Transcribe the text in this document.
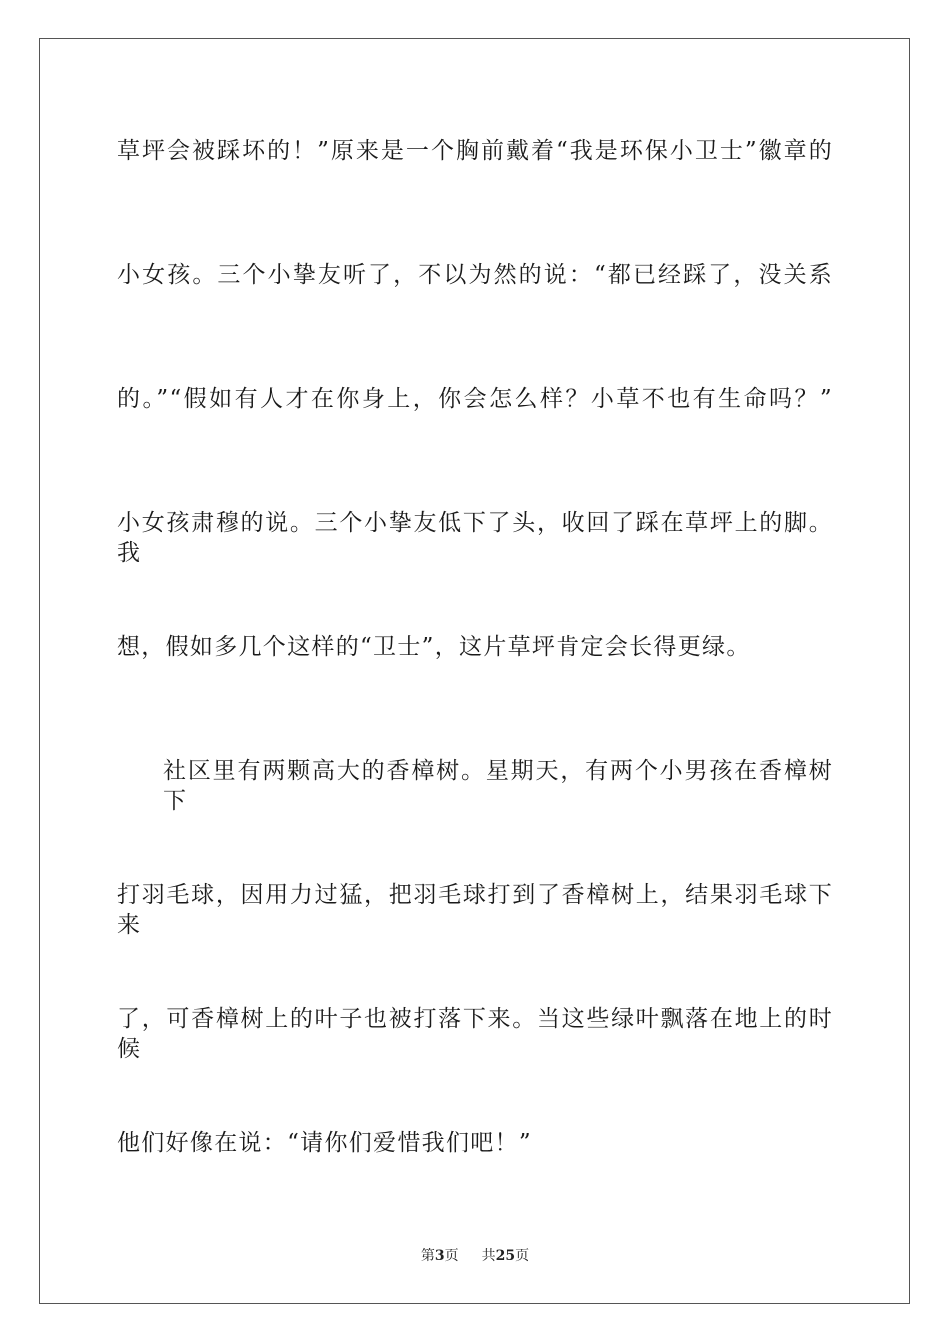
草坪会被踩坏的！”原来是一个胸前戴着“我是环保小卫士”徽章的
小女孩。三个小挚友听了，不以为然的说：“都已经踩了，没关系
的。”“假如有人才在你身上，你会怎么样？小草不也有生命吗？”
小女孩肃穆的说。三个小挚友低下了头，收回了踩在草坪上的脚。我
想，假如多几个这样的“卫士”，这片草坪肯定会长得更绿。
社区里有两颗高大的香樟树。星期天，有两个小男孩在香樟树下
打羽毛球，因用力过猛，把羽毛球打到了香樟树上，结果羽毛球下来
了，可香樟树上的叶子也被打落下来。当这些绿叶飘落在地上的时候
他们好像在说：“请你们爱惜我们吧！”
第3页 共25页
